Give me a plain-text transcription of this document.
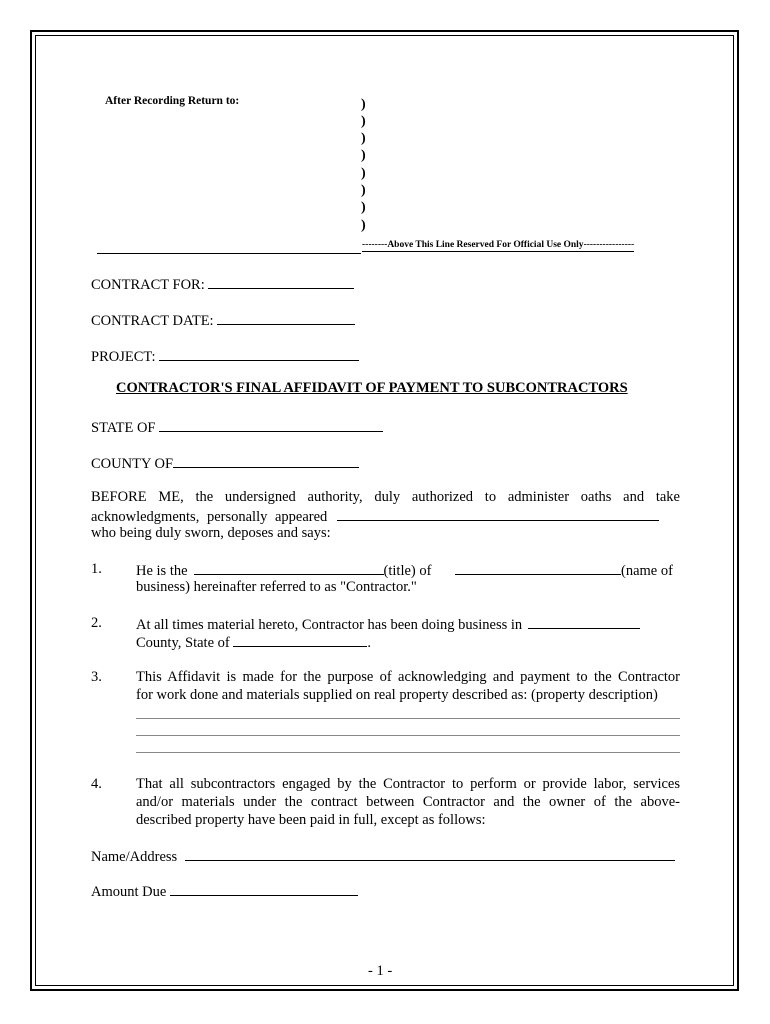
After Recording Return to:	)
)
)
)
)
)
)
)
--------Above This Line Reserved For Official Use Only----------------
CONTRACT FOR:
CONTRACT DATE:
PROJECT:
CONTRACTOR'S FINAL AFFIDAVIT OF PAYMENT TO SUBCONTRACTORS
STATE OF
COUNTY OF
BEFORE ME, the undersigned authority, duly authorized to administer oaths and take
acknowledgments, personally appeared
who being duly sworn, deposes and says:
1. He is the	(title) of	(name of
business) hereinafter referred to as "Contractor."
2. At all times material hereto, Contractor has been doing business in
County, State of	.
3. This Affidavit is made for the purpose of acknowledging and payment to the Contractor
for work done and materials supplied on real property described as: (property description)
4. That all subcontractors engaged by the Contractor to perform or provide labor, services
and/or materials under the contract between Contractor and the owner of the above-
described property have been paid in full, except as follows:
Name/Address
Amount Due
- 1 -
